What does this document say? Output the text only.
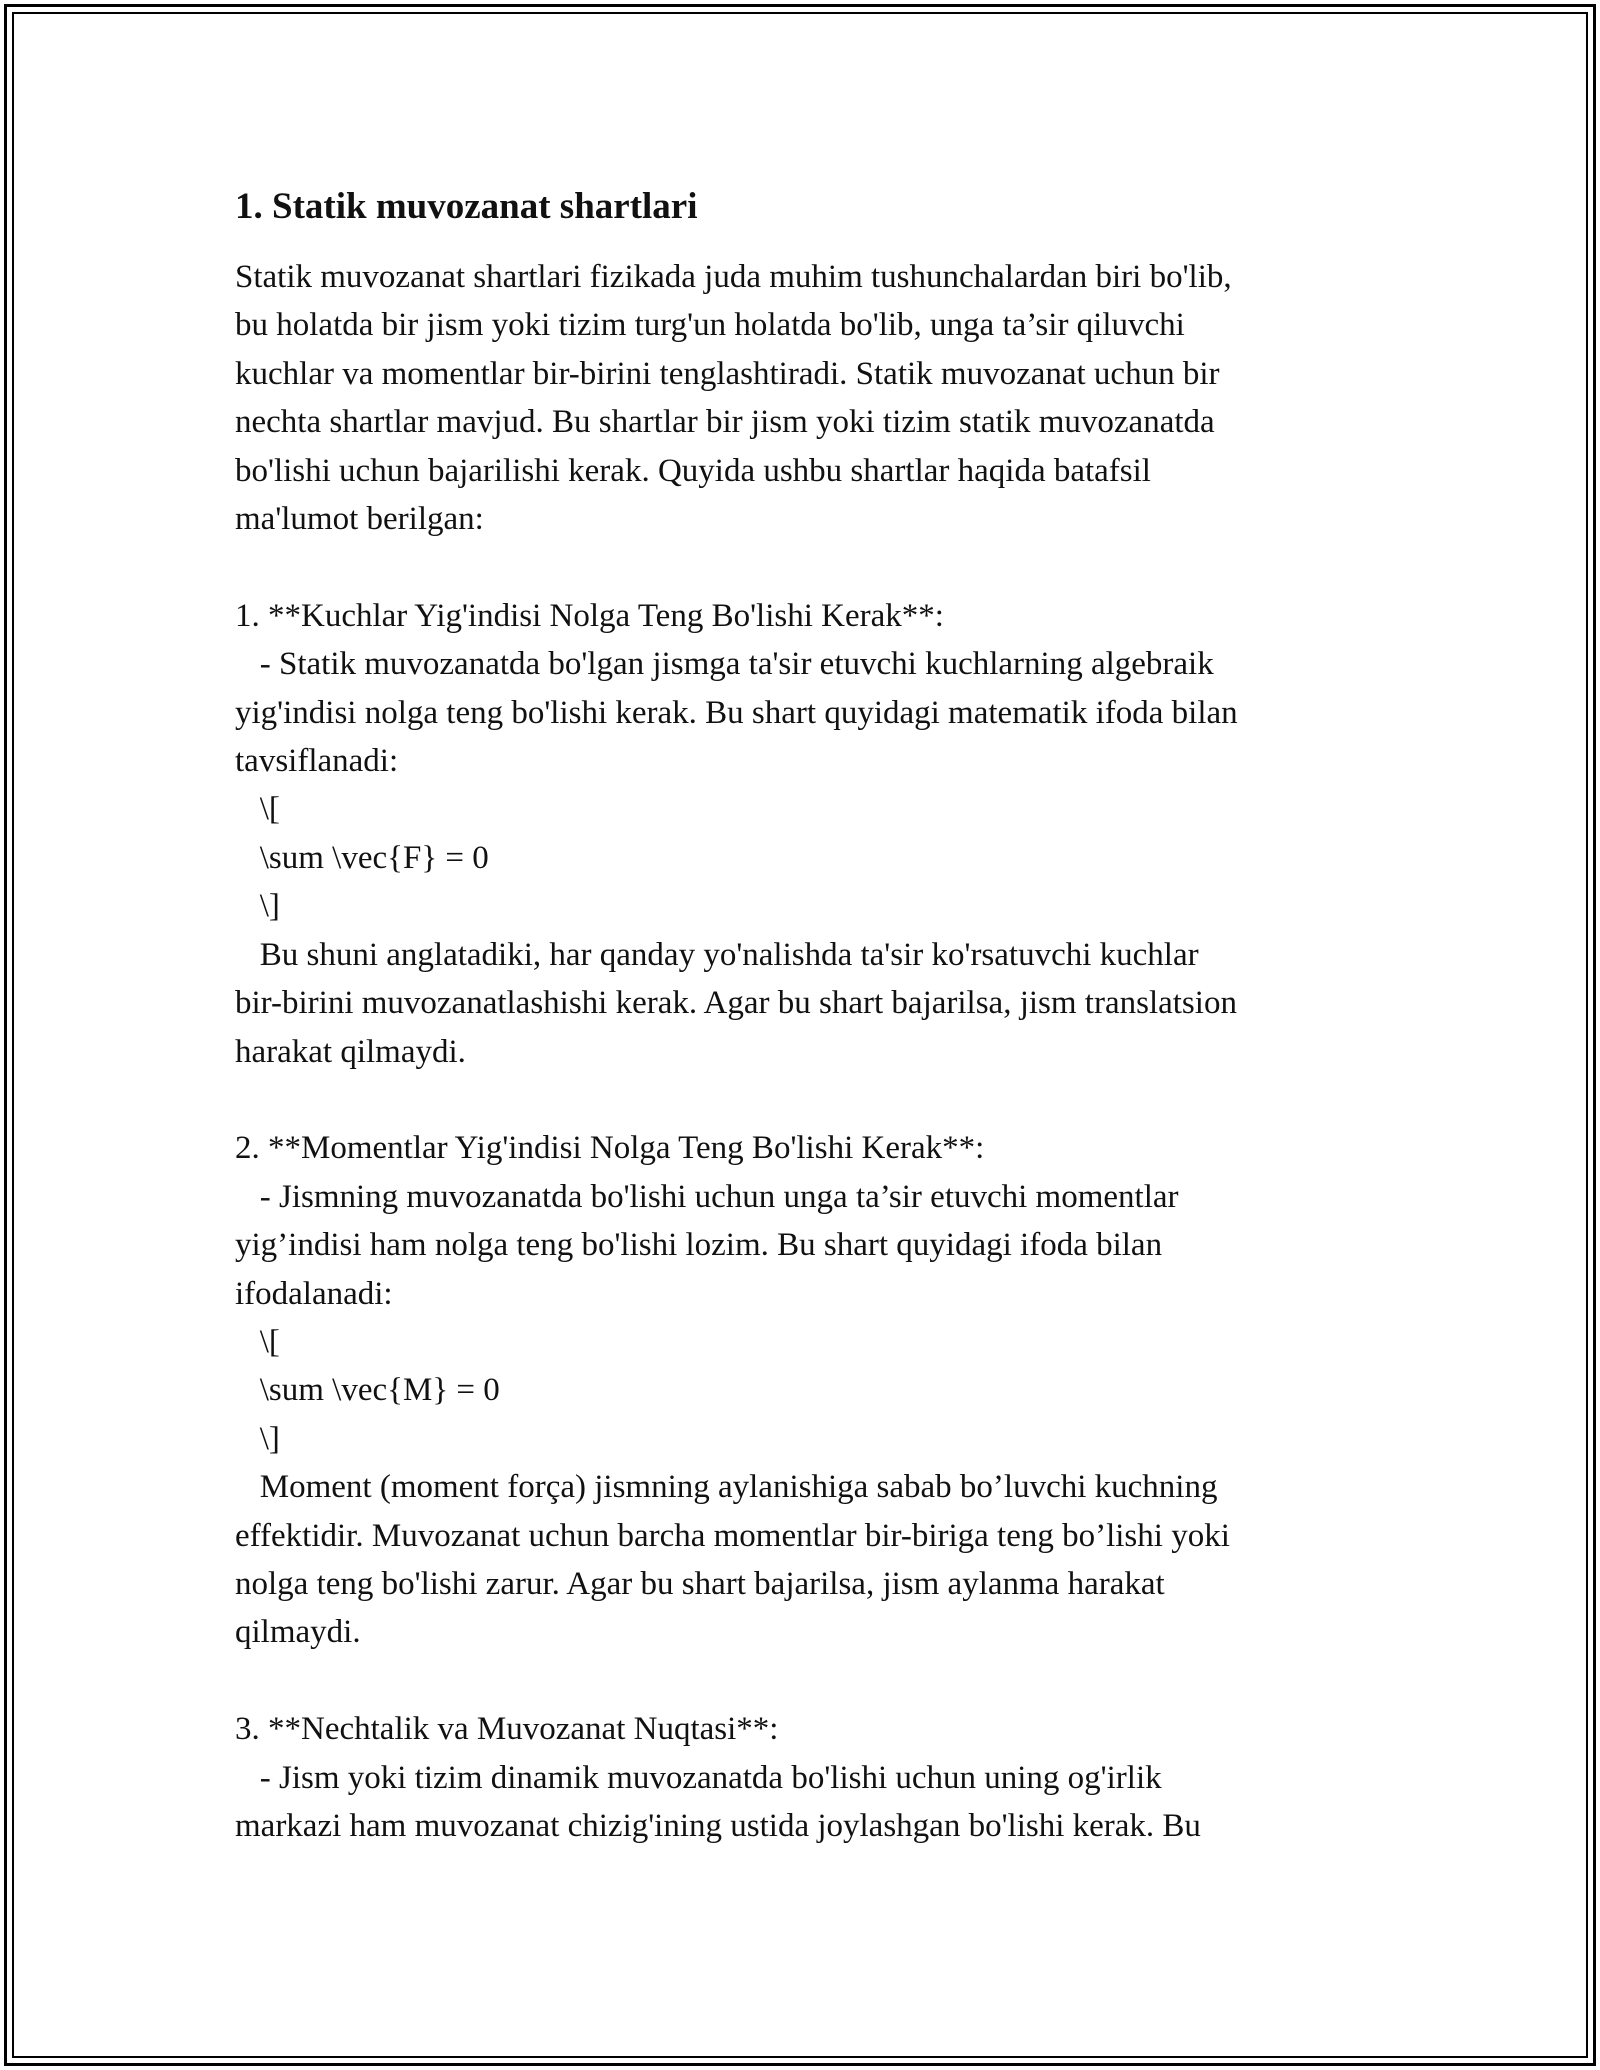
1. Statik muvozanat shartlari

Statik muvozanat shartlari fizikada juda muhim tushunchalardan biri bo'lib,
bu holatda bir jism yoki tizim turg'un holatda bo'lib, unga ta’sir qiluvchi
kuchlar va momentlar bir-birini tenglashtiradi. Statik muvozanat uchun bir
nechta shartlar mavjud. Bu shartlar bir jism yoki tizim statik muvozanatda
bo'lishi uchun bajarilishi kerak. Quyida ushbu shartlar haqida batafsil
ma'lumot berilgan:

1. **Kuchlar Yig'indisi Nolga Teng Bo'lishi Kerak**:
- Statik muvozanatda bo'lgan jismga ta'sir etuvchi kuchlarning algebraik
yig'indisi nolga teng bo'lishi kerak. Bu shart quyidagi matematik ifoda bilan
tavsiflanadi:
\[
\sum \vec{F} = 0
\]
Bu shuni anglatadiki, har qanday yo'nalishda ta'sir ko'rsatuvchi kuchlar
bir-birini muvozanatlashishi kerak. Agar bu shart bajarilsa, jism translatsion
harakat qilmaydi.

2. **Momentlar Yig'indisi Nolga Teng Bo'lishi Kerak**:
- Jismning muvozanatda bo'lishi uchun unga ta’sir etuvchi momentlar
yig’indisi ham nolga teng bo'lishi lozim. Bu shart quyidagi ifoda bilan
ifodalanadi:
\[
\sum \vec{M} = 0
\]
Moment (moment força) jismning aylanishiga sabab bo’luvchi kuchning
effektidir. Muvozanat uchun barcha momentlar bir-biriga teng bo’lishi yoki
nolga teng bo'lishi zarur. Agar bu shart bajarilsa, jism aylanma harakat
qilmaydi.

3. **Nechtalik va Muvozanat Nuqtasi**:
- Jism yoki tizim dinamik muvozanatda bo'lishi uchun uning og'irlik
markazi ham muvozanat chizig'ining ustida joylashgan bo'lishi kerak. Bu
